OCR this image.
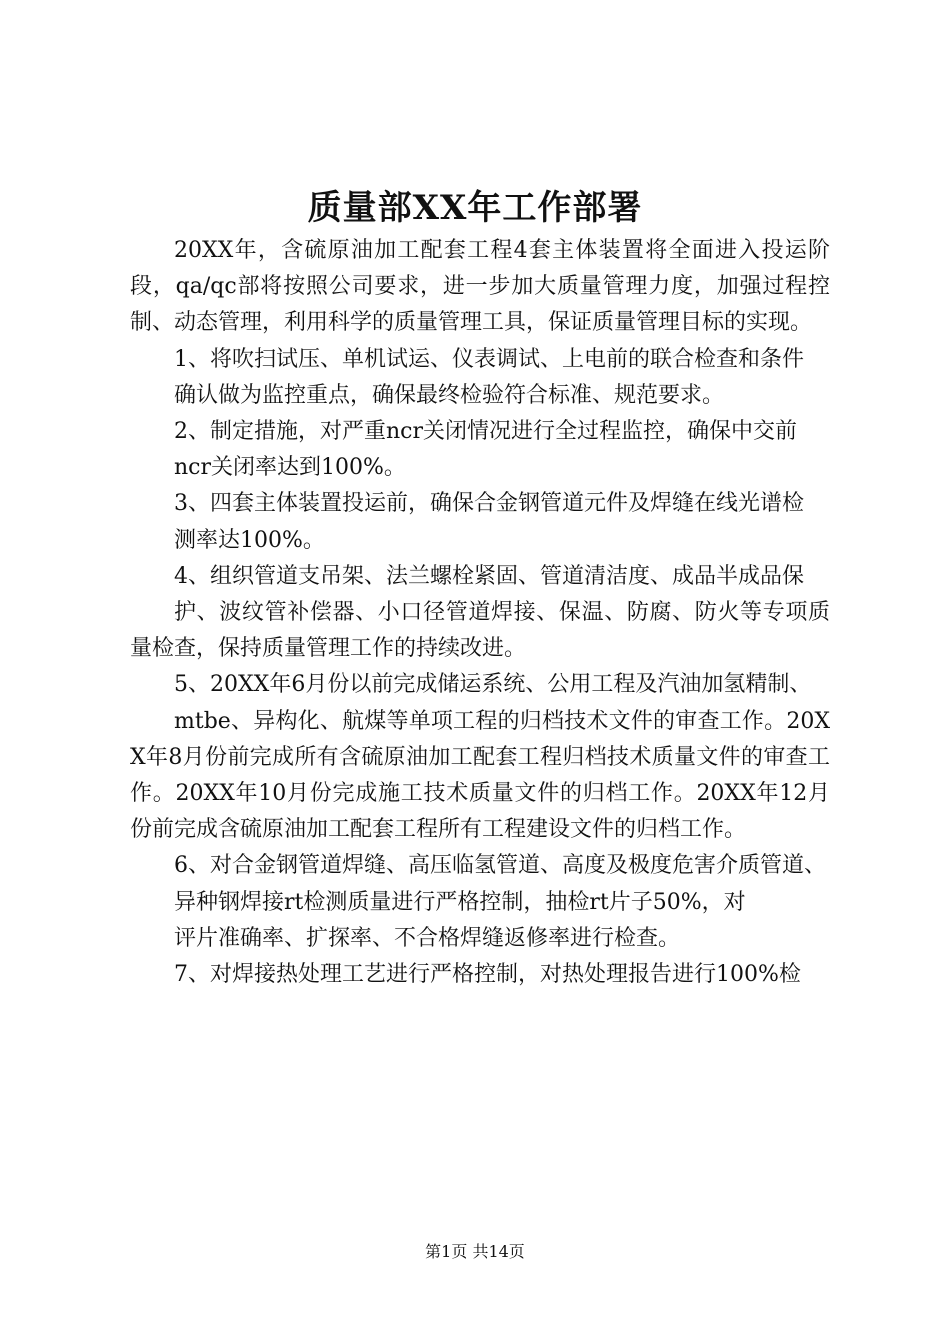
质量部XX年工作部署

20XX年，含硫原油加工配套工程4套主体装置将全面进入投运阶段，qa/qc部将按照公司要求，进一步加大质量管理力度，加强过程控制、动态管理，利用科学的质量管理工具，保证质量管理目标的实现。

1、将吹扫试压、单机试运、仪表调试、上电前的联合检查和条件

确认做为监控重点，确保最终检验符合标准、规范要求。

2、制定措施，对严重ncr关闭情况进行全过程监控，确保中交前

ncr关闭率达到100%。

3、四套主体装置投运前，确保合金钢管道元件及焊缝在线光谱检

测率达100%。

4、组织管道支吊架、法兰螺栓紧固、管道清洁度、成品半成品保

护、波纹管补偿器、小口径管道焊接、保温、防腐、防火等专项质量检查，保持质量管理工作的持续改进。

5、20XX年6月份以前完成储运系统、公用工程及汽油加氢精制、

mtbe、异构化、航煤等单项工程的归档技术文件的审查工作。20XX年8月份前完成所有含硫原油加工配套工程归档技术质量文件的审查工作。20XX年10月份完成施工技术质量文件的归档工作。20XX年12月份前完成含硫原油加工配套工程所有工程建设文件的归档工作。

6、对合金钢管道焊缝、高压临氢管道、高度及极度危害介质管道、

异种钢焊接rt检测质量进行严格控制，抽检rt片子50%，对

评片准确率、扩探率、不合格焊缝返修率进行检查。

7、对焊接热处理工艺进行严格控制，对热处理报告进行100%检

第1页 共14页
